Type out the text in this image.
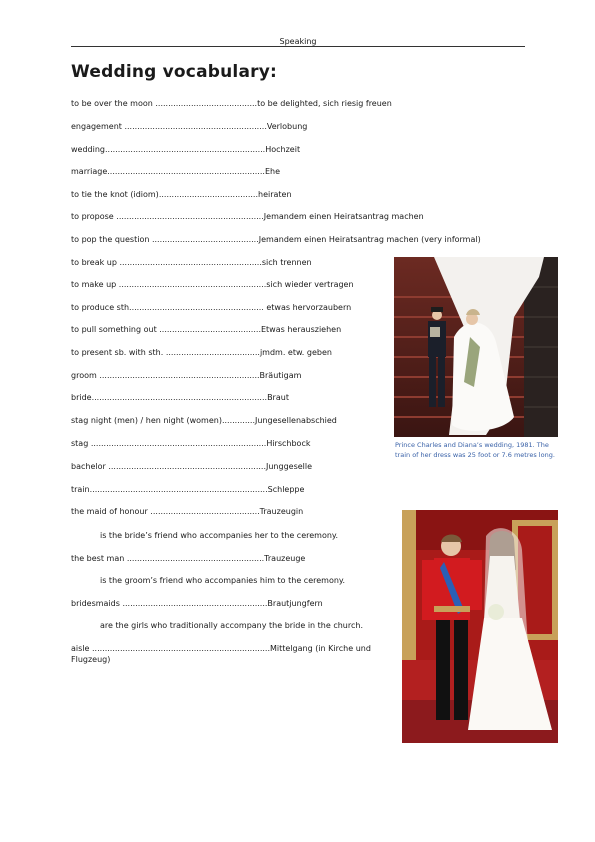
Speaking
Wedding vocabulary:
to be over the moon ........................................to be delighted, sich riesig freuen
engagement ........................................................Verlobung
wedding...............................................................Hochzeit
marriage..............................................................Ehe
to tie the knot (idiom).......................................heiraten
to propose ..........................................................Jemandem einen Heiratsantrag machen
to pop the question ..........................................Jemandem einen Heiratsantrag machen (very informal)
to break up ........................................................sich trennen
to make up ..........................................................sich wieder vertragen
to produce sth..................................................... etwas hervorzaubern
to pull something out ........................................Etwas herausziehen
to present sb. with sth. .....................................jmdm. etw. geben
groom ...............................................................Bräutigam
bride.....................................................................Braut
stag night (men) / hen night (women).............Jungesellenabschied
stag .....................................................................Hirschbock
bachelor ..............................................................Junggeselle
train......................................................................Schleppe
the maid of honour ...........................................Trauzeugin
is the bride’s friend who accompanies her to the ceremony.
the best man ......................................................Trauzeuge
is the groom’s friend who accompanies him to the ceremony.
bridesmaids .........................................................Brautjungfern
are the girls who traditionally accompany the bride in the church.
aisle ......................................................................Mittelgang (in Kirche und Flugzeug)
Prince Charles and Diana’s wedding, 1981. The train of her dress was 25 foot or 7.6 metres long.
